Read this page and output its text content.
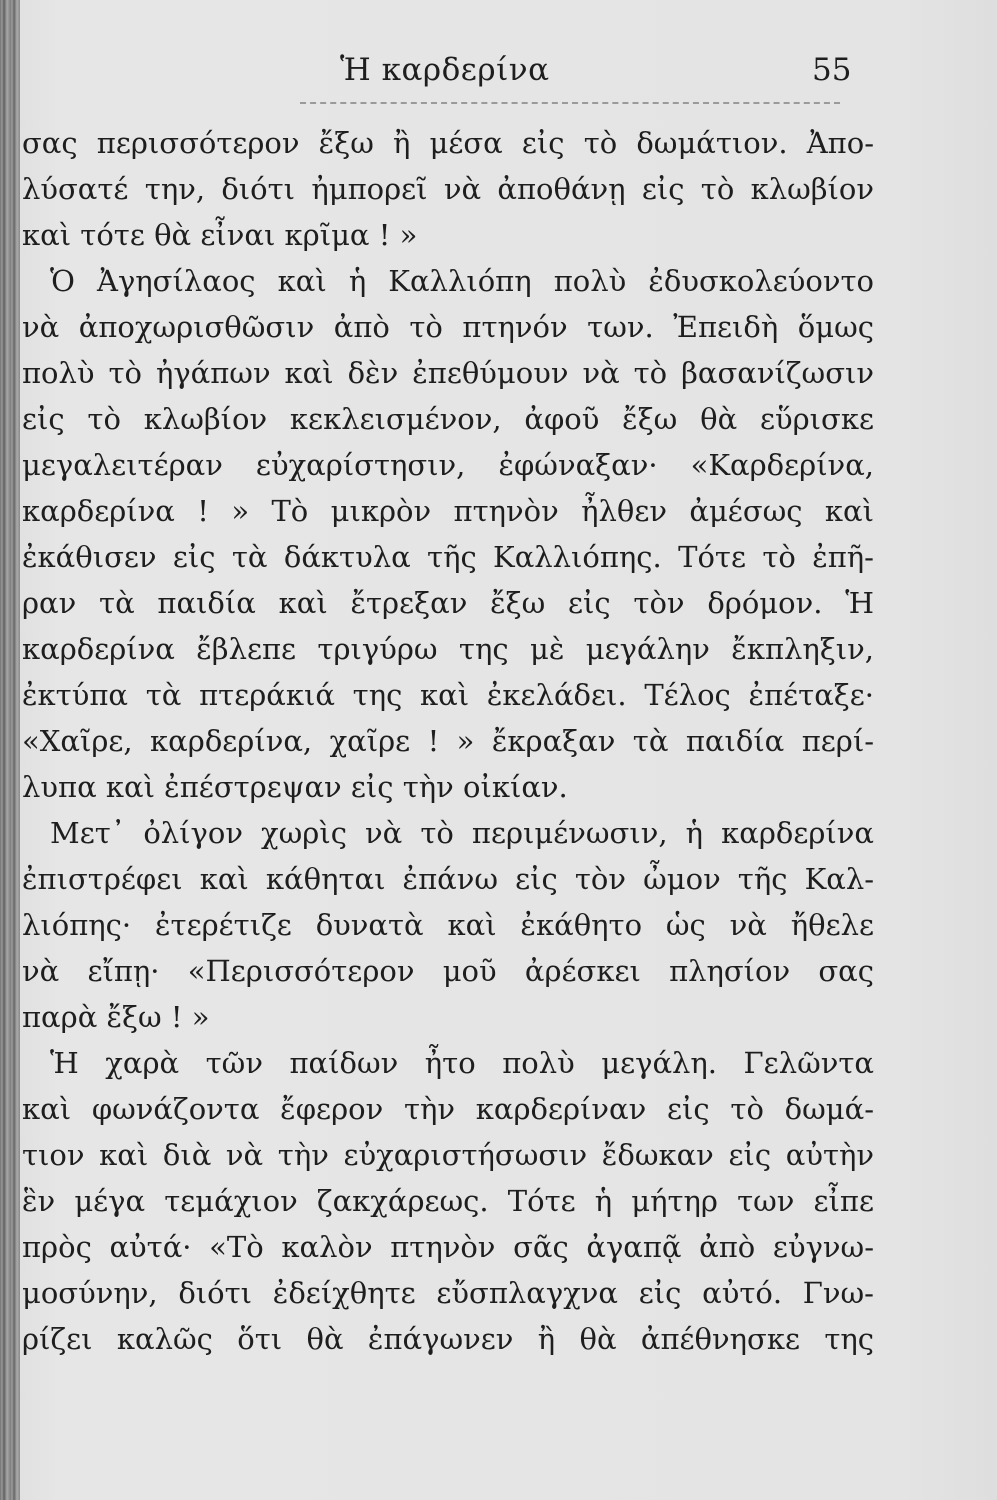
Ἡ καρδερίνα	55
σας περισσότερον ἔξω ἢ μέσα εἰς τὸ δωμάτιον. Ἀπο-
λύσατέ την, διότι ἠμπορεῖ νὰ ἀποθάνῃ εἰς τὸ κλωβίον
καὶ τότε θὰ εἶναι κρῖμα ! »
Ὁ Ἀγησίλαος καὶ ἡ Καλλιόπη πολὺ ἐδυσκολεύοντο
νὰ ἀποχωρισθῶσιν ἀπὸ τὸ πτηνόν των. Ἐπειδὴ ὅμως
πολὺ τὸ ἠγάπων καὶ δὲν ἐπεθύμουν νὰ τὸ βασανίζωσιν
εἰς τὸ κλωβίον κεκλεισμένον, ἀφοῦ ἔξω θὰ εὕρισκε
μεγαλειτέραν εὐχαρίστησιν, ἐφώναξαν· «Καρδερίνα,
καρδερίνα ! » Τὸ μικρὸν πτηνὸν ἦλθεν ἀμέσως καὶ
ἐκάθισεν εἰς τὰ δάκτυλα τῆς Καλλιόπης. Τότε τὸ ἐπῆ-
ραν τὰ παιδία καὶ ἔτρεξαν ἔξω εἰς τὸν δρόμον. Ἡ
καρδερίνα ἔβλεπε τριγύρω της μὲ μεγάλην ἔκπληξιν,
ἐκτύπα τὰ πτεράκιά της καὶ ἐκελάδει. Τέλος ἐπέταξε·
«Χαῖρε, καρδερίνα, χαῖρε ! » ἔκραξαν τὰ παιδία περί-
λυπα καὶ ἐπέστρεψαν εἰς τὴν οἰκίαν.
Μετ᾿ ὀλίγον χωρὶς νὰ τὸ περιμένωσιν, ἡ καρδερίνα
ἐπιστρέφει καὶ κάθηται ἐπάνω εἰς τὸν ὦμον τῆς Καλ-
λιόπης· ἐτερέτιζε δυνατὰ καὶ ἐκάθητο ὡς νὰ ἤθελε
νὰ εἴπῃ· «Περισσότερον μοῦ ἀρέσκει πλησίον σας
παρὰ ἔξω ! »
Ἡ χαρὰ τῶν παίδων ἦτο πολὺ μεγάλη. Γελῶντα
καὶ φωνάζοντα ἔφερον τὴν καρδερίναν εἰς τὸ δωμά-
τιον καὶ διὰ νὰ τὴν εὐχαριστήσωσιν ἔδωκαν εἰς αὐτὴν
ἓν μέγα τεμάχιον ζακχάρεως. Τότε ἡ μήτηρ των εἶπε
πρὸς αὐτά· «Τὸ καλὸν πτηνὸν σᾶς ἀγαπᾷ ἀπὸ εὐγνω-
μοσύνην, διότι ἐδείχθητε εὔσπλαγχνα εἰς αὐτό. Γνω-
ρίζει καλῶς ὅτι θὰ ἐπάγωνεν ἢ θὰ ἀπέθνησκε της
